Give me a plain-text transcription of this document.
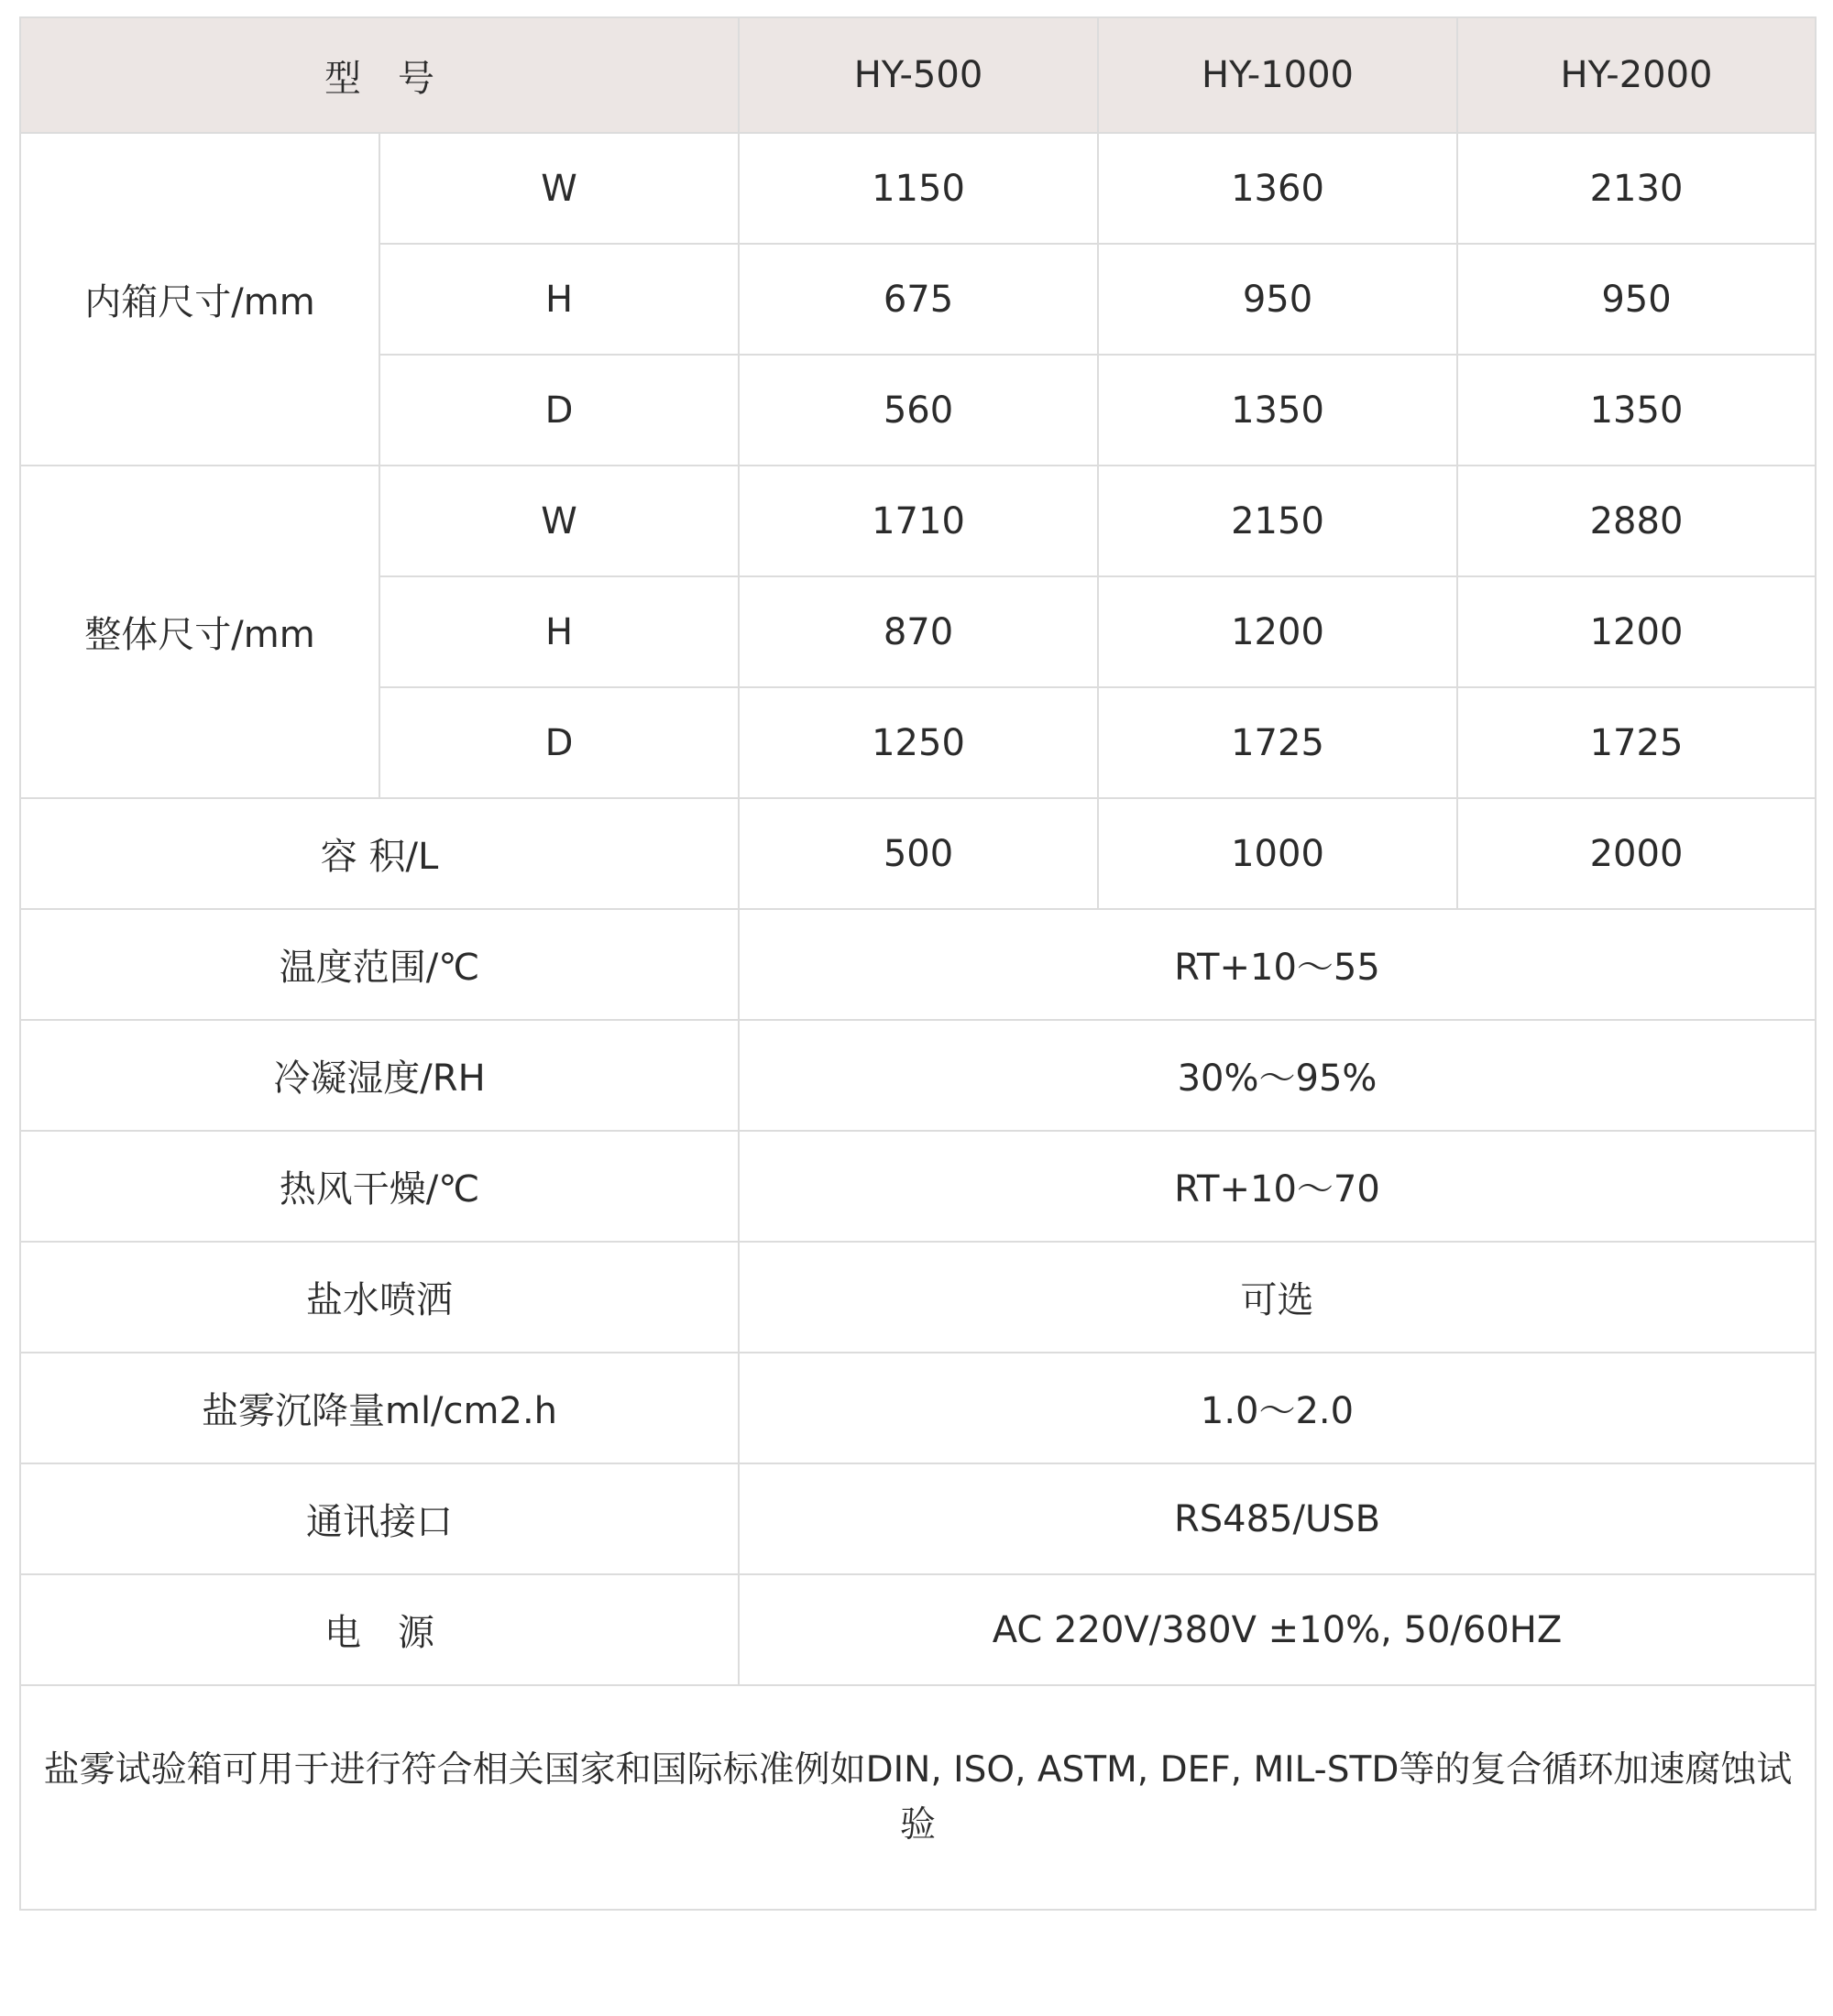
型　号		HY-500	HY-1000	HY-2000
内箱尺寸/mm	W	1150	1360	2130
	H	675	950	950
	D	560	1350	1350
整体尺寸/mm	W	1710	2150	2880
	H	870	1200	1200
	D	1250	1725	1725
容 积/L		500	1000	2000
温度范围/℃		RT+10～55		
冷凝湿度/RH		30%～95%		
热风干燥/℃		RT+10～70		
盐水喷洒		可选		
盐雾沉降量ml/cm2.h		1.0～2.0		
通讯接口		RS485/USB		
电　源		AC 220V/380V ±10%, 50/60HZ		
盐雾试验箱可用于进行符合相关国家和国际标准例如DIN, ISO, ASTM, DEF, MIL-STD等的复合循环加速腐蚀试验				
